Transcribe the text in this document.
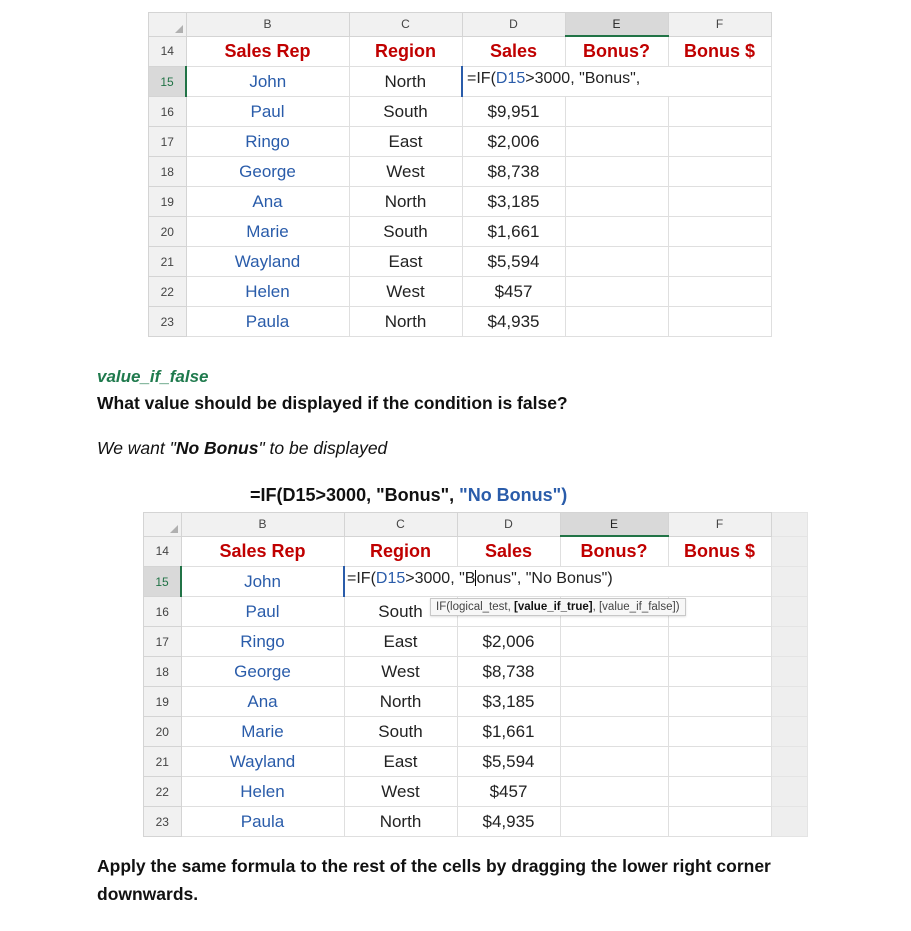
	B	C	D	E	F
14	Sales Rep	Region	Sales	Bonus?	Bonus $
15	John	North	=IF(D15>3000, "Bonus",		

16	Paul	South	$9,951		
17	Ringo	East	$2,006		
18	George	West	$8,738		
19	Ana	North	$3,185		
20	Marie	South	$1,661		
21	Wayland	East	$5,594		
22	Helen	West	$457		
23	Paula	North	$4,935		
value_if_false
What value should be displayed if the condition is false?
We want "No Bonus" to be displayed
=IF(D15>3000, "Bonus", "No Bonus")
	B	C	D	E	F	
14	Sales Rep	Region	Sales	Bonus?	Bonus $	
15	John	=IF(D15>3000, "Bonus", "No Bonus")				

16	Paul	South				
17	Ringo	East	$2,006			
18	George	West	$8,738			
19	Ana	North	$3,185			
20	Marie	South	$1,661			
21	Wayland	East	$5,594			
22	Helen	West	$457			
23	Paula	North	$4,935			
IF(logical_test, [value_if_true], [value_if_false])
Apply the same formula to the rest of the cells by dragging the lower right corner downwards.
